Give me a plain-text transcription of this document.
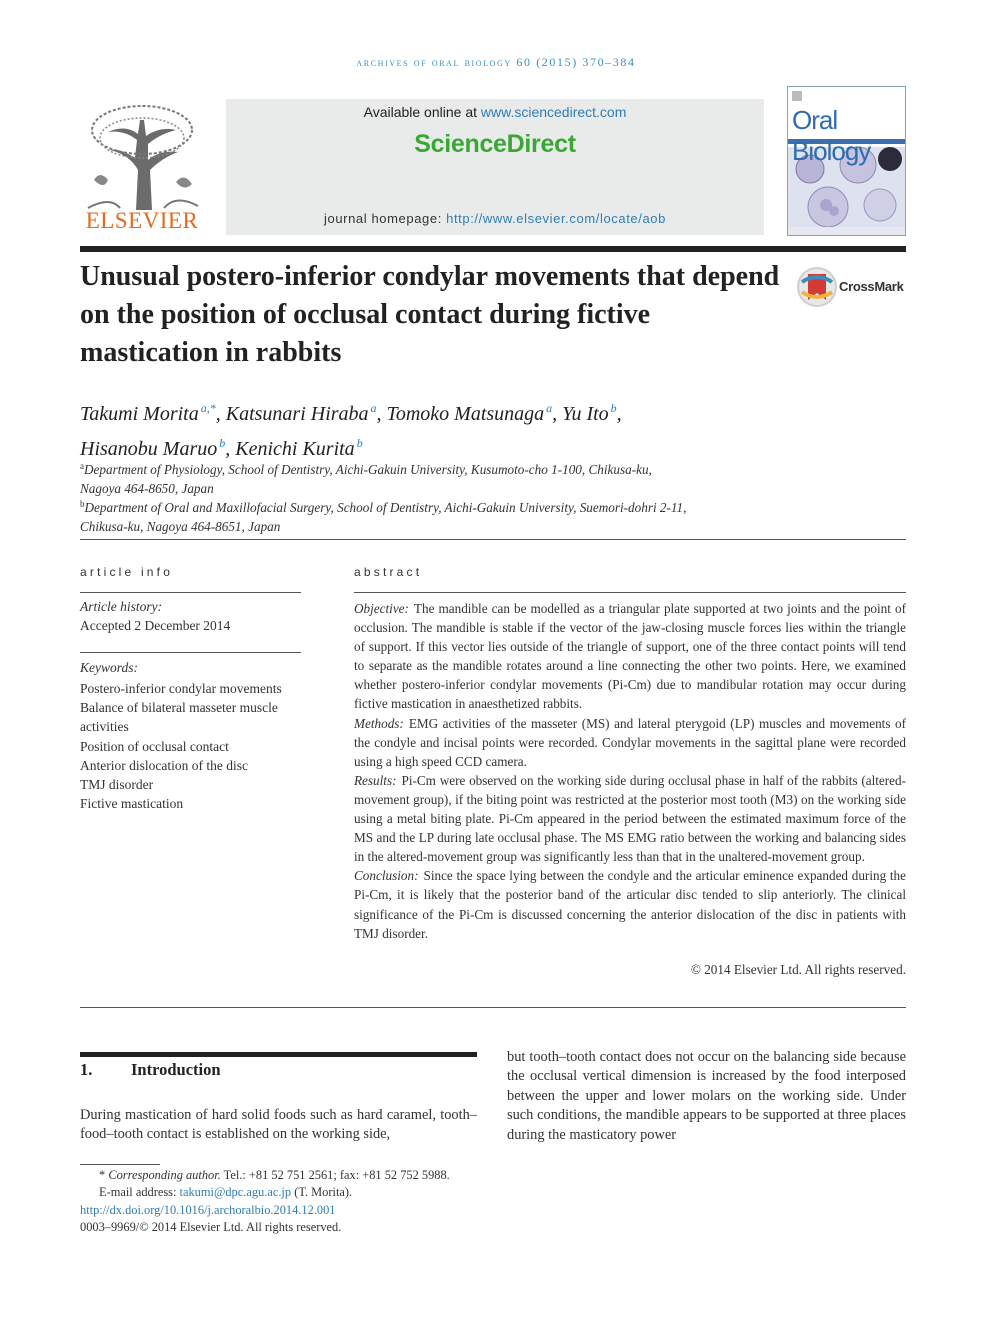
archives of oral biology 60 (2015) 370–384
ELSEVIER
Available online at www.sciencedirect.com
ScienceDirect
journal homepage: http://www.elsevier.com/locate/aob
Oral Biology
Unusual postero-inferior condylar movements that depend on the position of occlusal contact during fictive mastication in rabbits
CrossMark
Takumi Morita $^{a,*}$, Katsunari Hiraba $^a$, Tomoko Matsunaga $^a$, Yu Ito $^b$,
Hisanobu Maruo $^b$, Kenichi Kurita $^b$
$^a$Department of Physiology, School of Dentistry, Aichi-Gakuin University, Kusumoto-cho 1-100, Chikusa-ku,
Nagoya 464-8650, Japan
$^b$Department of Oral and Maxillofacial Surgery, School of Dentistry, Aichi-Gakuin University, Suemori-dohri 2-11,
Chikusa-ku, Nagoya 464-8651, Japan
article info
Article history:
Accepted 2 December 2014
Keywords:
Postero-inferior condylar movements
Balance of bilateral masseter muscle activities
Position of occlusal contact
Anterior dislocation of the disc
TMJ disorder
Fictive mastication
abstract

Objective: The mandible can be modelled as a triangular plate supported at two joints and the point of occlusion. The mandible is stable if the vector of the jaw-closing muscle forces lies within the triangle of support. If this vector lies outside of the triangle of support, one of the three contact points will tend to separate as the mandible rotates around a line connecting the other two points. Here, we examined whether postero-inferior condylar movements (Pi-Cm) due to mandibular rotation may occur during fictive mastication in anaesthetized rabbits.

Methods: EMG activities of the masseter (MS) and lateral pterygoid (LP) muscles and movements of the condyle and incisal points were recorded. Condylar movements in the sagittal plane were recorded using a high speed CCD camera.

Results: Pi-Cm were observed on the working side during occlusal phase in half of the rabbits (altered-movement group), if the biting point was restricted at the posterior most tooth (M3) on the working side using a metal biting plate. Pi-Cm appeared in the period between the estimated maximum force of the MS and the LP during late occlusal phase. The MS EMG ratio between the working and balancing sides in the altered-movement group was significantly less than that in the unaltered-movement group.

Conclusion: Since the space lying between the condyle and the articular eminence expanded during the Pi-Cm, it is likely that the posterior band of the articular disc tended to slip anteriorly. The clinical significance of the Pi-Cm is discussed concerning the anterior dislocation of the disc in patients with TMJ disorder.

© 2014 Elsevier Ltd. All rights reserved.
1. Introduction
During mastication of hard solid foods such as hard caramel, tooth–food–tooth contact is established on the working side,
but tooth–tooth contact does not occur on the balancing side because the occlusal vertical dimension is increased by the food interposed between the upper and lower molars on the working side. Under such conditions, the mandible appears to be supported at three places during the masticatory power
* Corresponding author. Tel.: +81 52 751 2561; fax: +81 52 752 5988.
E-mail address: takumi@dpc.agu.ac.jp (T. Morita).
http://dx.doi.org/10.1016/j.archoralbio.2014.12.001
0003–9969/© 2014 Elsevier Ltd. All rights reserved.
